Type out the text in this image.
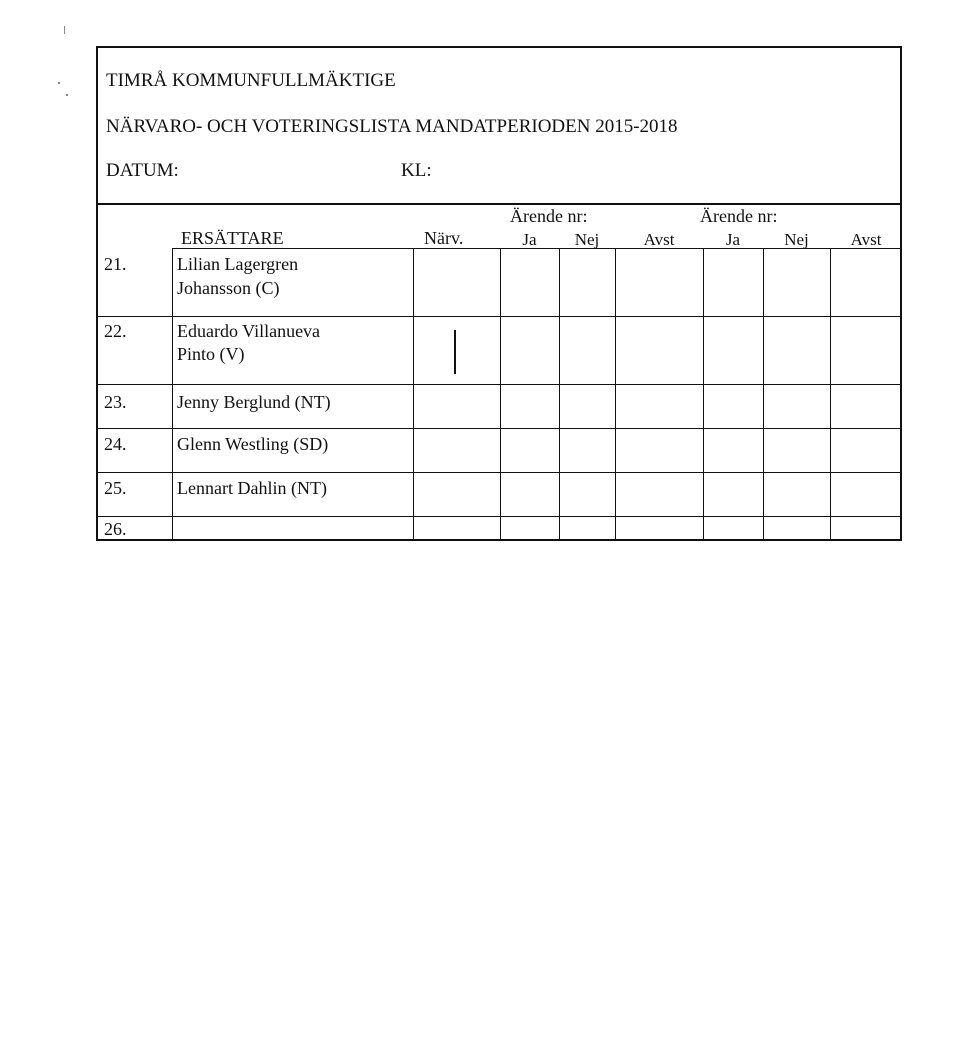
TIMRÅ KOMMUNFULLMÄKTIGE
NÄRVARO- OCH VOTERINGSLISTA MANDATPERIODEN 2015-2018
DATUM:	KL:
ERSÄTTARE	Närv.
Ärende nr:	Ärende nr:
Ja	Nej	Avst	Ja	Nej	Avst
21.	Lilian Lagergren
Johansson (C)
22.	Eduardo Villanueva
Pinto (V)
23.	Jenny Berglund (NT)
24.	Glenn Westling (SD)
25.	Lennart Dahlin (NT)
26.
